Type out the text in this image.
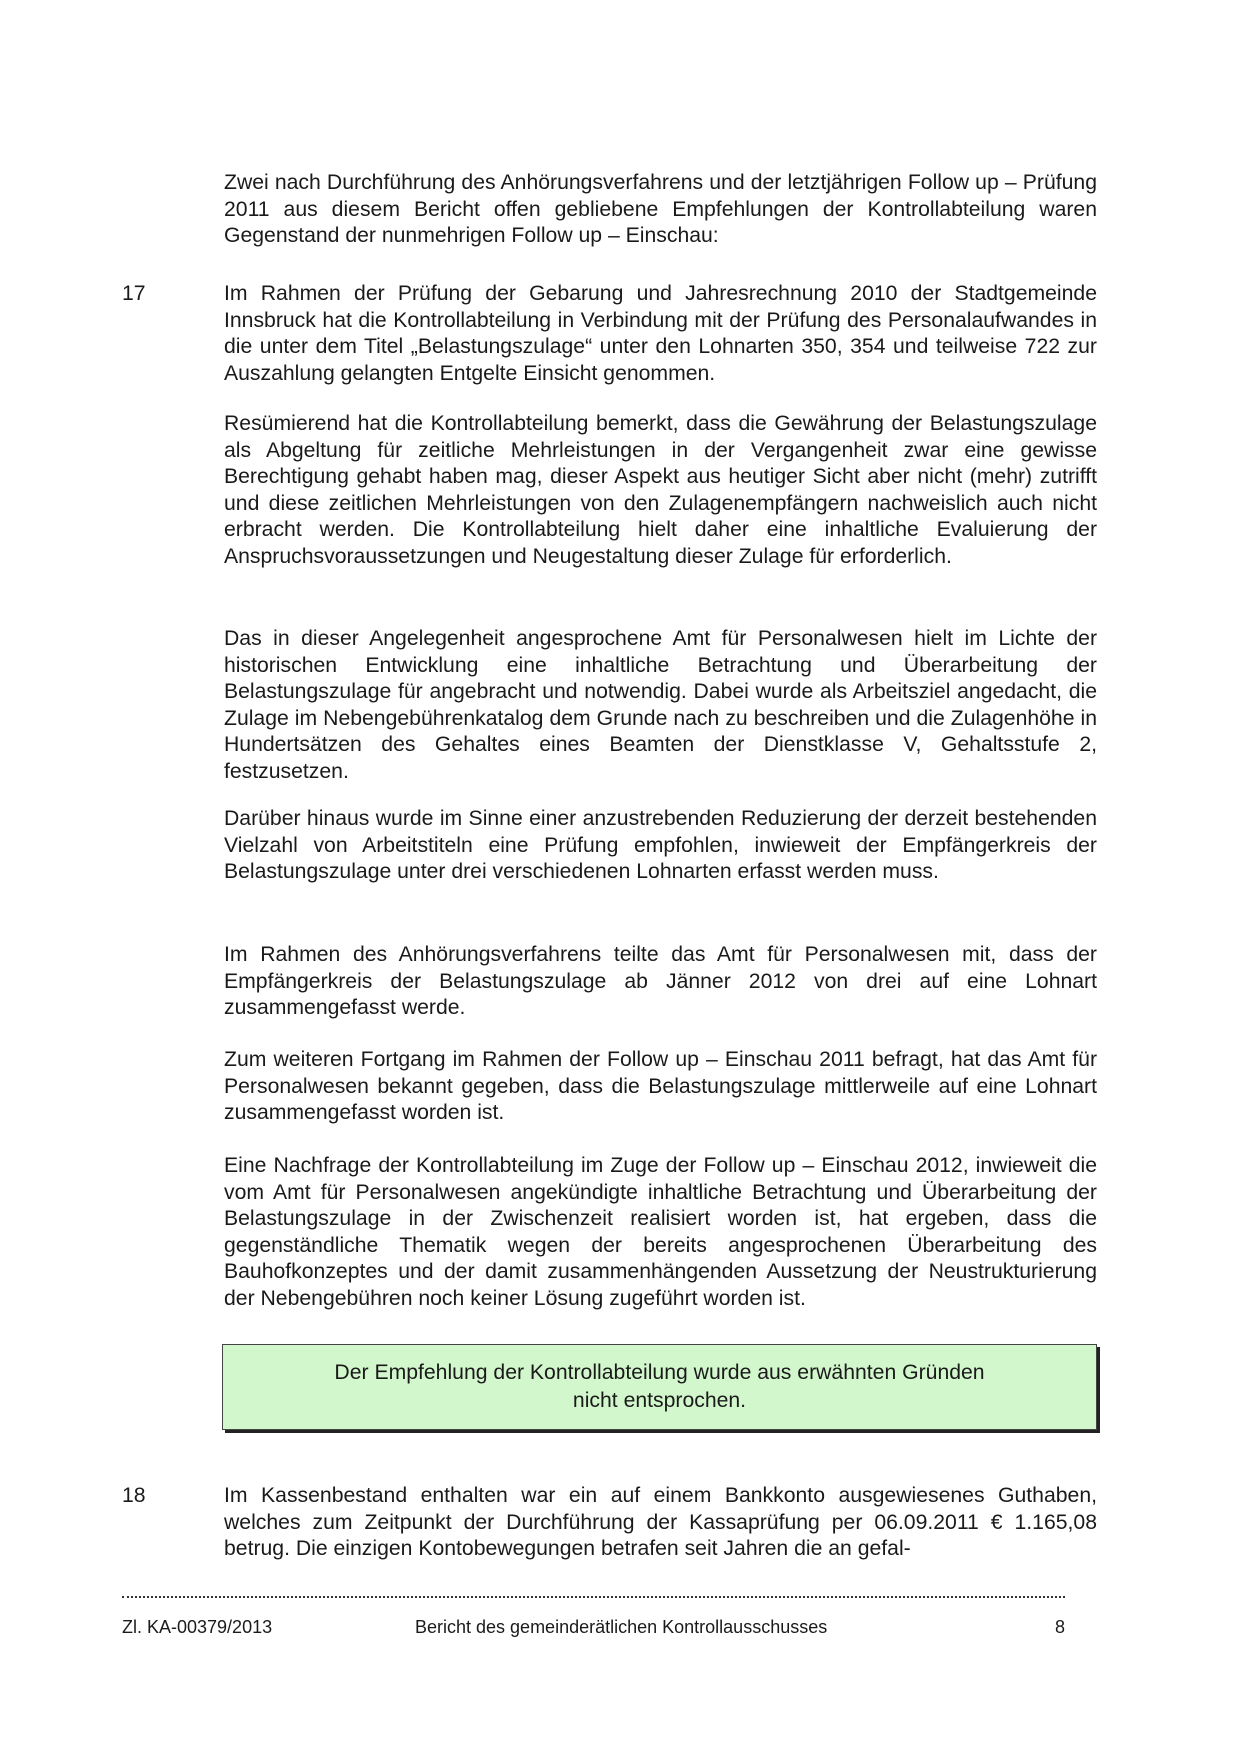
Zwei nach Durchführung des Anhörungsverfahrens und der letztjährigen Follow up – Prüfung 2011 aus diesem Bericht offen gebliebene Empfehlungen der Kontrollabteilung waren Gegenstand der nunmehrigen Follow up – Einschau:

17	Im Rahmen der Prüfung der Gebarung und Jahresrechnung 2010 der Stadtgemeinde Innsbruck hat die Kontrollabteilung in Verbindung mit der Prüfung des Personalaufwandes in die unter dem Titel „Belastungszulage“ unter den Lohnarten 350, 354 und teilweise 722 zur Auszahlung gelangten Entgelte Einsicht genommen.

Resümierend hat die Kontrollabteilung bemerkt, dass die Gewährung der Belastungszulage als Abgeltung für zeitliche Mehrleistungen in der Vergangenheit zwar eine gewisse Berechtigung gehabt haben mag, dieser Aspekt aus heutiger Sicht aber nicht (mehr) zutrifft und diese zeitlichen Mehrleistungen von den Zulagenempfängern nachweislich auch nicht erbracht werden. Die Kontrollabteilung hielt daher eine inhaltliche Evaluierung der Anspruchsvoraussetzungen und Neugestaltung dieser Zulage für erforderlich.

Das in dieser Angelegenheit angesprochene Amt für Personalwesen hielt im Lichte der historischen Entwicklung eine inhaltliche Betrachtung und Überarbeitung der Belastungszulage für angebracht und notwendig. Dabei wurde als Arbeitsziel angedacht, die Zulage im Nebengebührenkatalog dem Grunde nach zu beschreiben und die Zulagenhöhe in Hundertsätzen des Gehaltes eines Beamten der Dienstklasse V, Gehaltsstufe 2, festzusetzen.

Darüber hinaus wurde im Sinne einer anzustrebenden Reduzierung der derzeit bestehenden Vielzahl von Arbeitstiteln eine Prüfung empfohlen, inwieweit der Empfängerkreis der Belastungszulage unter drei verschiedenen Lohnarten erfasst werden muss.

Im Rahmen des Anhörungsverfahrens teilte das Amt für Personalwesen mit, dass der Empfängerkreis der Belastungszulage ab Jänner 2012 von drei auf eine Lohnart zusammengefasst werde.

Zum weiteren Fortgang im Rahmen der Follow up – Einschau 2011 befragt, hat das Amt für Personalwesen bekannt gegeben, dass die Belastungszulage mittlerweile auf eine Lohnart zusammengefasst worden ist.

Eine Nachfrage der Kontrollabteilung im Zuge der Follow up – Einschau 2012, inwieweit die vom Amt für Personalwesen angekündigte inhaltliche Betrachtung und Überarbeitung der Belastungszulage in der Zwischenzeit realisiert worden ist, hat ergeben, dass die gegenständliche Thematik wegen der bereits angesprochenen Überarbeitung des Bauhofkonzeptes und der damit zusammenhängenden Aussetzung der Neustrukturierung der Nebengebühren noch keiner Lösung zugeführt worden ist.

Der Empfehlung der Kontrollabteilung wurde aus erwähnten Gründen
nicht entsprochen.

18	Im Kassenbestand enthalten war ein auf einem Bankkonto ausgewiesenes Guthaben, welches zum Zeitpunkt der Durchführung der Kassaprüfung per 06.09.2011 € 1.165,08 betrug. Die einzigen Kontobewegungen betrafen seit Jahren die an gefal-

Zl. KA-00379/2013	Bericht des gemeinderätlichen Kontrollausschusses	8
